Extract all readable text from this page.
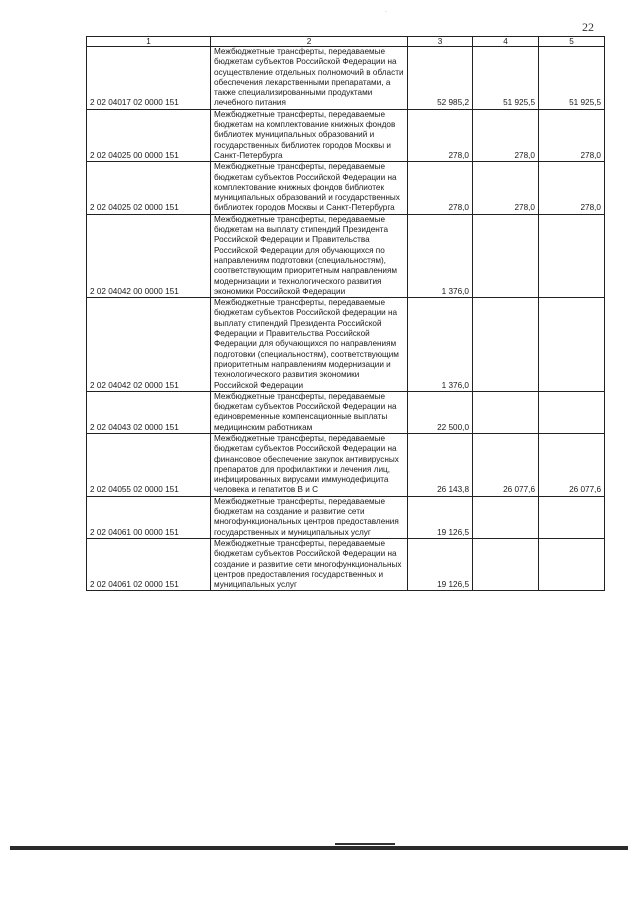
·
22
1	2	3	4	5
2 02 04017 02 0000 151	Межбюджетные трансферты, передаваемые бюджетам субъектов Российской Федерации на осуществление отдельных полномочий в области обеспечения лекарственными препаратами, а также специализированными продуктами лечебного питания	52 985,2	51 925,5	51 925,5
2 02 04025 00 0000 151	Межбюджетные трансферты, передаваемые бюджетам на комплектование книжных фондов библиотек муниципальных образований и государственных библиотек городов Москвы и Санкт-Петербурга	278,0	278,0	278,0
2 02 04025 02 0000 151	Межбюджетные трансферты, передаваемые бюджетам субъектов Российской Федерации на комплектование книжных фондов библиотек муниципальных образований и государственных библиотек городов Москвы и Санкт-Петербурга	278,0	278,0	278,0
2 02 04042 00 0000 151	Межбюджетные трансферты, передаваемые бюджетам на выплату стипендий Президента Российской Федерации и Правительства Российской Федерации для обучающихся по направлениям подготовки (специальностям), соответствующим приоритетным направлениям модернизации и технологического развития экономики Российской Федерации	1 376,0		
2 02 04042 02 0000 151	Межбюджетные трансферты, передаваемые бюджетам субъектов Российской федерации на выплату стипендий Президента Российской Федерации и Правительства Российской Федерации для обучающихся по направлениям подготовки (специальностям), соответствующим приоритетным направлениям модернизации и технологического развития экономики Российской Федерации	1 376,0		
2 02 04043 02 0000 151	Межбюджетные трансферты, передаваемые бюджетам субъектов Российской Федерации на единовременные компенсационные выплаты медицинским работникам	22 500,0		
2 02 04055 02 0000 151	Межбюджетные трансферты, передаваемые бюджетам субъектов Российской Федерации на финансовое обеспечение закупок антивирусных препаратов для профилактики и лечения лиц, инфицированных вирусами иммунодефицита человека и гепатитов В и С	26 143,8	26 077,6	26 077,6
2 02 04061 00 0000 151	Межбюджетные трансферты, передаваемые бюджетам на создание и развитие сети многофункциональных центров предоставления государственных и муниципальных услуг	19 126,5		
2 02 04061 02 0000 151	Межбюджетные трансферты, передаваемые бюджетам субъектов Российской Федерации на создание и развитие сети многофункциональных центров предоставления государственных и муниципальных услуг	19 126,5		
